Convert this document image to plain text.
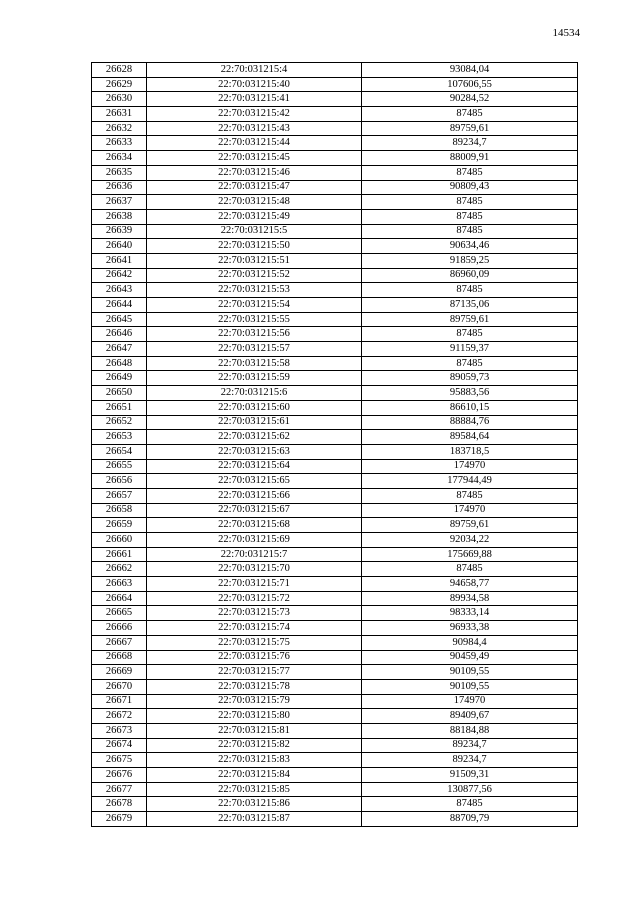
14534
26628	22:70:031215:4	93084,04
26629	22:70:031215:40	107606,55
26630	22:70:031215:41	90284,52
26631	22:70:031215:42	87485
26632	22:70:031215:43	89759,61
26633	22:70:031215:44	89234,7
26634	22:70:031215:45	88009,91
26635	22:70:031215:46	87485
26636	22:70:031215:47	90809,43
26637	22:70:031215:48	87485
26638	22:70:031215:49	87485
26639	22:70:031215:5	87485
26640	22:70:031215:50	90634,46
26641	22:70:031215:51	91859,25
26642	22:70:031215:52	86960,09
26643	22:70:031215:53	87485
26644	22:70:031215:54	87135,06
26645	22:70:031215:55	89759,61
26646	22:70:031215:56	87485
26647	22:70:031215:57	91159,37
26648	22:70:031215:58	87485
26649	22:70:031215:59	89059,73
26650	22:70:031215:6	95883,56
26651	22:70:031215:60	86610,15
26652	22:70:031215:61	88884,76
26653	22:70:031215:62	89584,64
26654	22:70:031215:63	183718,5
26655	22:70:031215:64	174970
26656	22:70:031215:65	177944,49
26657	22:70:031215:66	87485
26658	22:70:031215:67	174970
26659	22:70:031215:68	89759,61
26660	22:70:031215:69	92034,22
26661	22:70:031215:7	175669,88
26662	22:70:031215:70	87485
26663	22:70:031215:71	94658,77
26664	22:70:031215:72	89934,58
26665	22:70:031215:73	98333,14
26666	22:70:031215:74	96933,38
26667	22:70:031215:75	90984,4
26668	22:70:031215:76	90459,49
26669	22:70:031215:77	90109,55
26670	22:70:031215:78	90109,55
26671	22:70:031215:79	174970
26672	22:70:031215:80	89409,67
26673	22:70:031215:81	88184,88
26674	22:70:031215:82	89234,7
26675	22:70:031215:83	89234,7
26676	22:70:031215:84	91509,31
26677	22:70:031215:85	130877,56
26678	22:70:031215:86	87485
26679	22:70:031215:87	88709,79
